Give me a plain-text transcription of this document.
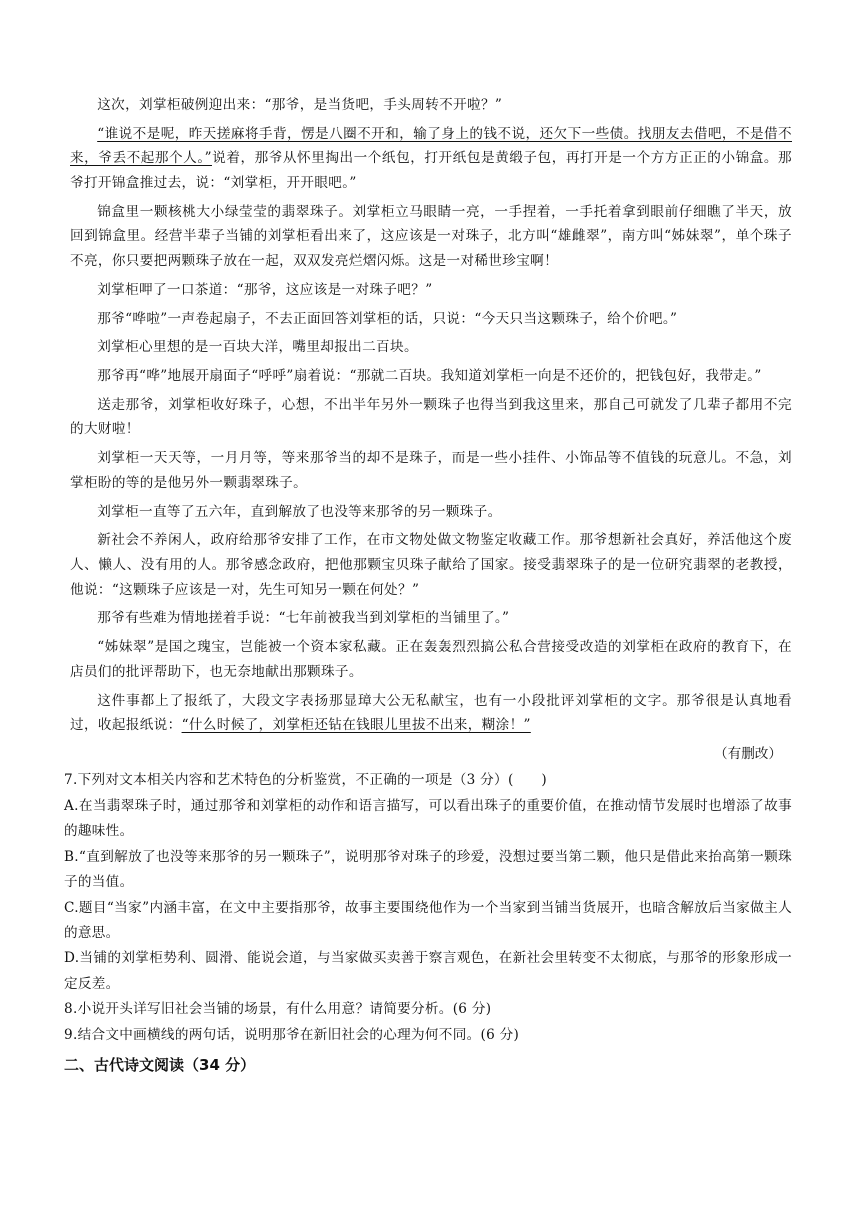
这次，刘掌柜破例迎出来：“那爷，是当货吧，手头周转不开啦？”

“谁说不是呢，昨天搓麻将手背，愣是八圈不开和，输了身上的钱不说，还欠下一些债。找朋友去借吧，不是借不来，爷丢不起那个人。”说着，那爷从怀里掏出一个纸包，打开纸包是黄缎子包，再打开是一个方方正正的小锦盒。那爷打开锦盒推过去，说：“刘掌柜，开开眼吧。”

锦盒里一颗核桃大小绿莹莹的翡翠珠子。刘掌柜立马眼睛一亮，一手捏着，一手托着拿到眼前仔细瞧了半天，放回到锦盒里。经营半辈子当铺的刘掌柜看出来了，这应该是一对珠子，北方叫“雄雌翠”，南方叫“姊妹翠”，单个珠子不亮，你只要把两颗珠子放在一起，双双发亮烂熠闪烁。这是一对稀世珍宝啊！

刘掌柜呷了一口茶道：“那爷，这应该是一对珠子吧？”

那爷“哗啦”一声卷起扇子，不去正面回答刘掌柜的话，只说：“今天只当这颗珠子，给个价吧。”

刘掌柜心里想的是一百块大洋，嘴里却报出二百块。

那爷再“哗”地展开扇面子“呼呼”扇着说：“那就二百块。我知道刘掌柜一向是不还价的，把钱包好，我带走。”

送走那爷，刘掌柜收好珠子，心想，不出半年另外一颗珠子也得当到我这里来，那自己可就发了几辈子都用不完的大财啦！

刘掌柜一天天等，一月月等，等来那爷当的却不是珠子，而是一些小挂件、小饰品等不值钱的玩意儿。不急，刘掌柜盼的等的是他另外一颗翡翠珠子。

刘掌柜一直等了五六年，直到解放了也没等来那爷的另一颗珠子。

新社会不养闲人，政府给那爷安排了工作，在市文物处做文物鉴定收藏工作。那爷想新社会真好，养活他这个废人、懒人、没有用的人。那爷感念政府，把他那颗宝贝珠子献给了国家。接受翡翠珠子的是一位研究翡翠的老教授，他说：“这颗珠子应该是一对，先生可知另一颗在何处？”

那爷有些难为情地搓着手说：“七年前被我当到刘掌柜的当铺里了。”

“姊妹翠”是国之瑰宝，岂能被一个资本家私藏。正在轰轰烈烈搞公私合营接受改造的刘掌柜在政府的教育下，在店员们的批评帮助下，也无奈地献出那颗珠子。

这件事都上了报纸了，大段文字表扬那显璋大公无私献宝，也有一小段批评刘掌柜的文字。那爷很是认真地看过，收起报纸说：“什么时候了，刘掌柜还钻在钱眼儿里拔不出来，糊涂！”

（有删改）

7.下列对文本相关内容和艺术特色的分析鉴赏，不正确的一项是（3 分）(　　)

A.在当翡翠珠子时，通过那爷和刘掌柜的动作和语言描写，可以看出珠子的重要价值，在推动情节发展时也增添了故事的趣味性。

B.“直到解放了也没等来那爷的另一颗珠子”，说明那爷对珠子的珍爱，没想过要当第二颗，他只是借此来抬高第一颗珠子的当值。

C.题目“当家”内涵丰富，在文中主要指那爷，故事主要围绕他作为一个当家到当铺当货展开，也暗含解放后当家做主人的意思。

D.当铺的刘掌柜势利、圆滑、能说会道，与当家做买卖善于察言观色，在新社会里转变不太彻底，与那爷的形象形成一定反差。

8.小说开头详写旧社会当铺的场景，有什么用意？请简要分析。(6 分)

9.结合文中画横线的两句话，说明那爷在新旧社会的心理为何不同。(6 分)

二、古代诗文阅读（34 分）
